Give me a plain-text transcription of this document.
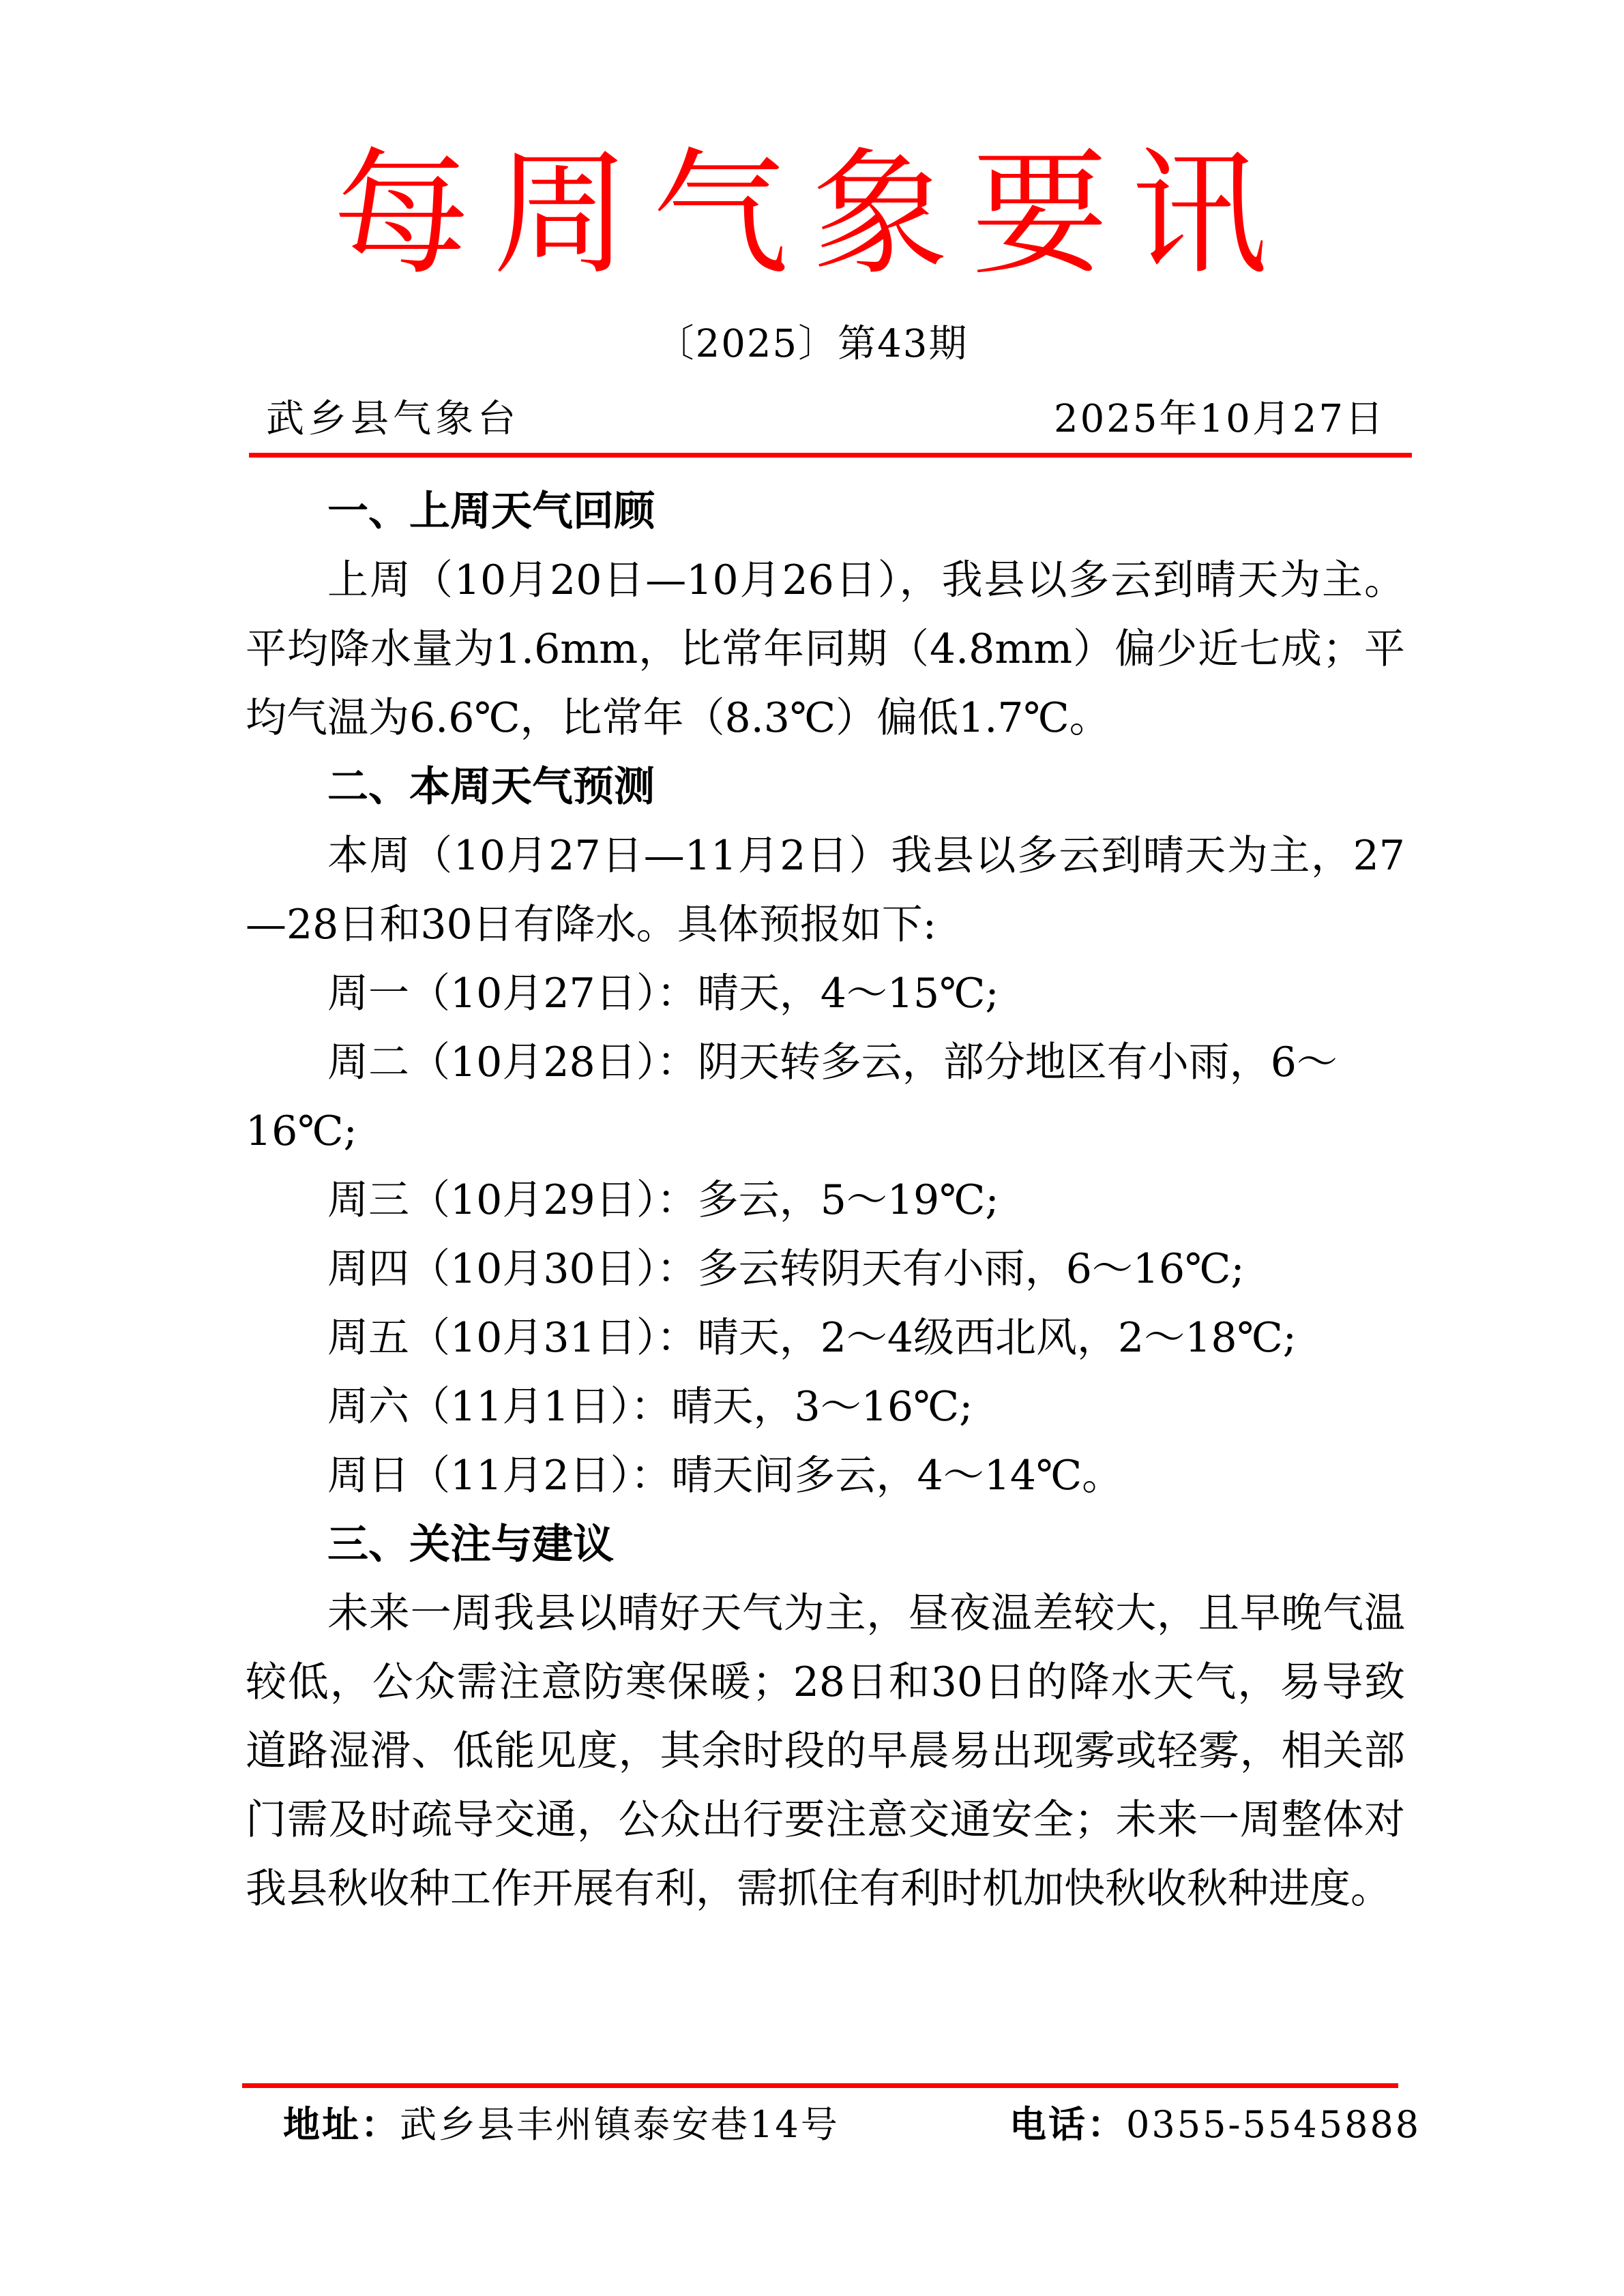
每周气象要讯
〔2025〕第43期
武乡县气象台	2025年10月27日
一、上周天气回顾

上周（10月20日—10月26日），我县以多云到晴天为主。平均降水量为1.6mm，比常年同期（4.8mm）偏少近七成；平均气温为6.6℃，比常年（8.3℃）偏低1.7℃。

二、本周天气预测

本周（10月27日—11月2日）我县以多云到晴天为主，27—28日和30日有降水。具体预报如下:

周一（10月27日）：晴天，4～15℃;
周二（10月28日）：阴天转多云，部分地区有小雨，6～16℃;
周三（10月29日）：多云，5～19℃;
周四（10月30日）：多云转阴天有小雨，6～16℃;
周五（10月31日）：晴天，2～4级西北风，2～18℃;
周六（11月1日）：晴天，3～16℃;
周日（11月2日）：晴天间多云，4～14℃。
三、关注与建议

未来一周我县以晴好天气为主，昼夜温差较大，且早晚气温较低，公众需注意防寒保暖；28日和30日的降水天气，易导致道路湿滑、低能见度，其余时段的早晨易出现雾或轻雾，相关部门需及时疏导交通，公众出行要注意交通安全；未来一周整体对我县秋收种工作开展有利，需抓住有利时机加快秋收秋种进度。

地址：武乡县丰州镇泰安巷14号	电话：0355-5545888
